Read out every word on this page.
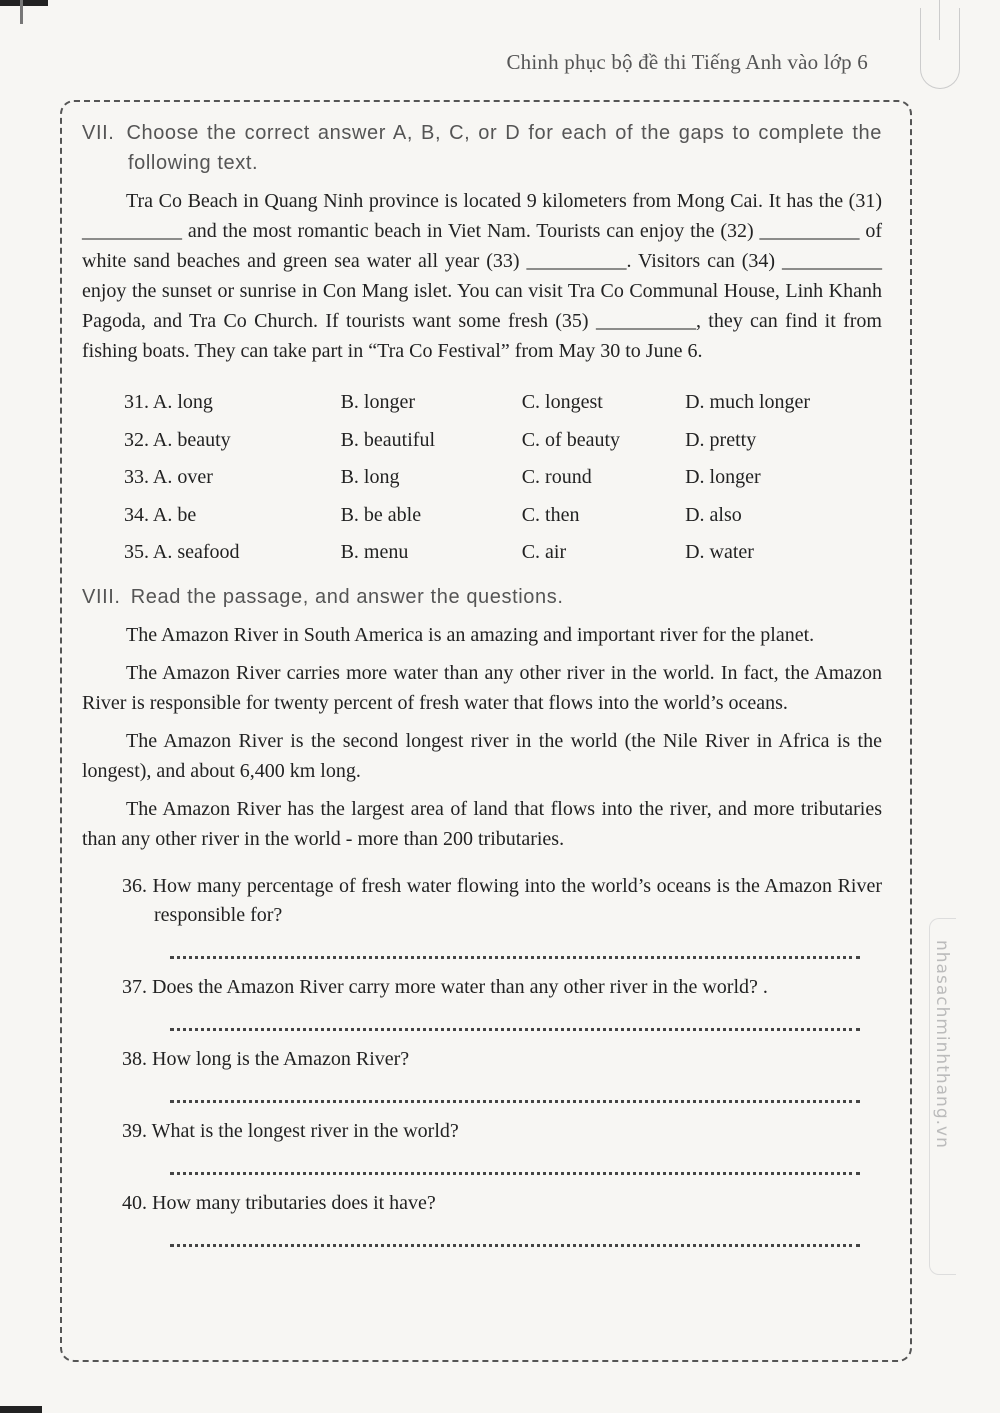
Chinh phục bộ đề thi Tiếng Anh vào lớp 6
nhasachminhthang.vn
VII. Choose the correct answer A, B, C, or D for each of the gaps to complete the following text.

Tra Co Beach in Quang Ninh province is located 9 kilometers from Mong Cai. It has the (31) __________ and the most romantic beach in Viet Nam. Tourists can enjoy the (32) __________ of white sand beaches and green sea water all year (33) __________. Visitors can (34) __________ enjoy the sunset or sunrise in Con Mang islet. You can visit Tra Co Communal House, Linh Khanh Pagoda, and Tra Co Church. If tourists want some fresh (35) __________, they can find it from fishing boats. They can take part in “Tra Co Festival” from May 30 to June 6.

31. A. long	B. longer	C. longest	D. much longer
32. A. beauty	B. beautiful	C. of beauty	D. pretty
33. A. over	B. long	C. round	D. longer
34. A. be	B. be able	C. then	D. also
35. A. seafood	B. menu	C. air	D. water
VIII. Read the passage, and answer the questions.

The Amazon River in South America is an amazing and important river for the planet.

The Amazon River carries more water than any other river in the world. In fact, the Amazon River is responsible for twenty percent of fresh water that flows into the world’s oceans.

The Amazon River is the second longest river in the world (the Nile River in Africa is the longest), and about 6,400 km long.

The Amazon River has the largest area of land that flows into the river, and more tributaries than any other river in the world - more than 200 tributaries.

36. How many percentage of fresh water flowing into the world’s oceans is the Amazon River responsible for?
37. Does the Amazon River carry more water than any other river in the world? .
38. How long is the Amazon River?
39. What is the longest river in the world?
40. How many tributaries does it have?
